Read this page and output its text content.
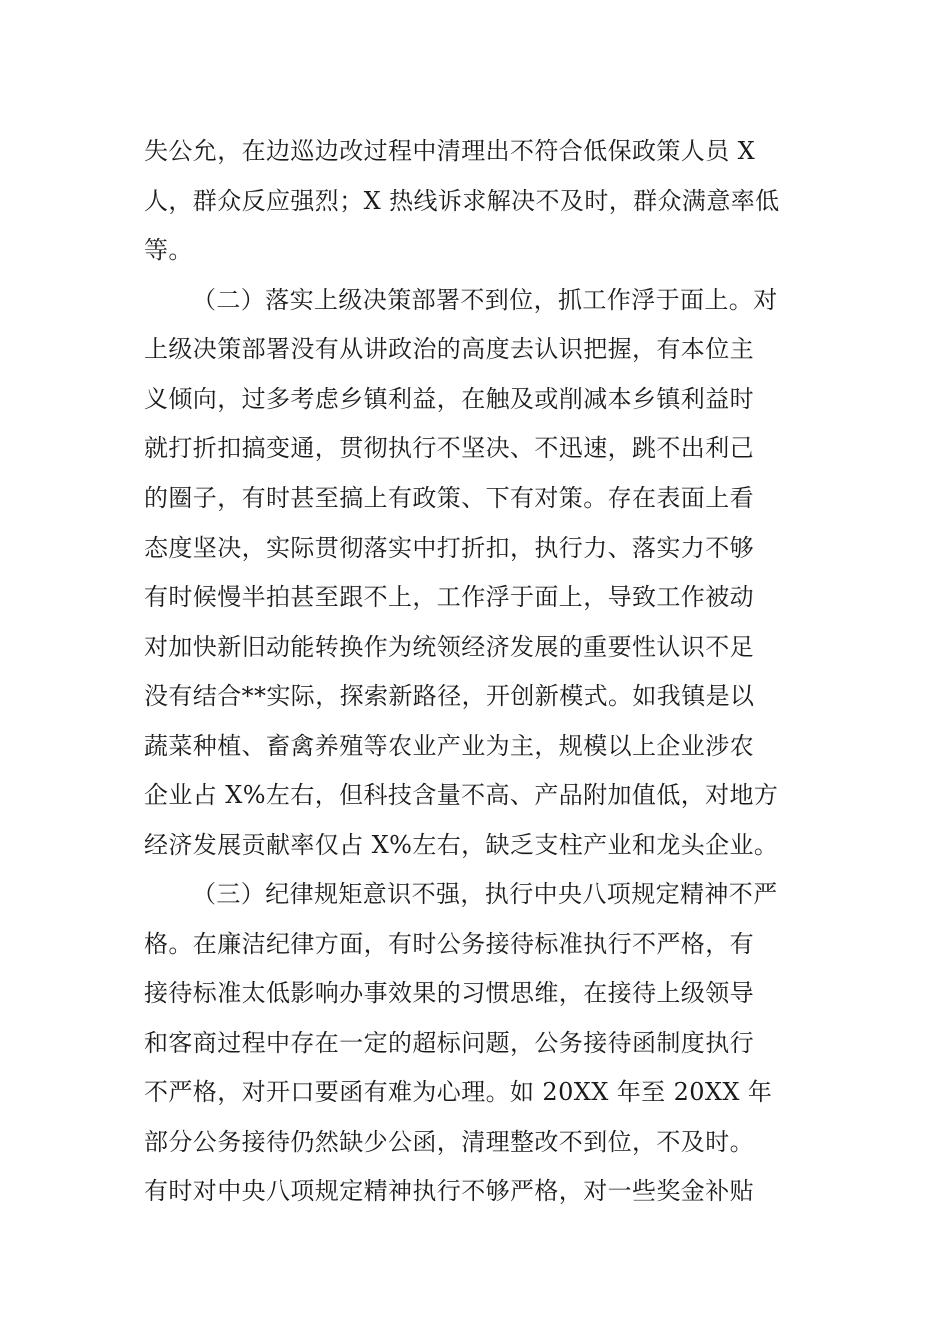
失公允，在边巡边改过程中清理出不符合低保政策人员 X
人，群众反应强烈；X 热线诉求解决不及时，群众满意率低
等。
（二）落实上级决策部署不到位，抓工作浮于面上。对
上级决策部署没有从讲政治的高度去认识把握，有本位主
义倾向，过多考虑乡镇利益，在触及或削减本乡镇利益时
就打折扣搞变通，贯彻执行不坚决、不迅速，跳不出利己
的圈子，有时甚至搞上有政策、下有对策。存在表面上看
态度坚决，实际贯彻落实中打折扣，执行力、落实力不够
有时候慢半拍甚至跟不上，工作浮于面上，导致工作被动
对加快新旧动能转换作为统领经济发展的重要性认识不足
没有结合**实际，探索新路径，开创新模式。如我镇是以
蔬菜种植、畜禽养殖等农业产业为主，规模以上企业涉农
企业占 X%左右，但科技含量不高、产品附加值低，对地方
经济发展贡献率仅占 X%左右，缺乏支柱产业和龙头企业。
（三）纪律规矩意识不强，执行中央八项规定精神不严
格。在廉洁纪律方面，有时公务接待标准执行不严格，有
接待标准太低影响办事效果的习惯思维，在接待上级领导
和客商过程中存在一定的超标问题，公务接待函制度执行
不严格，对开口要函有难为心理。如 20XX 年至 20XX 年
部分公务接待仍然缺少公函，清理整改不到位，不及时。
有时对中央八项规定精神执行不够严格，对一些奖金补贴
